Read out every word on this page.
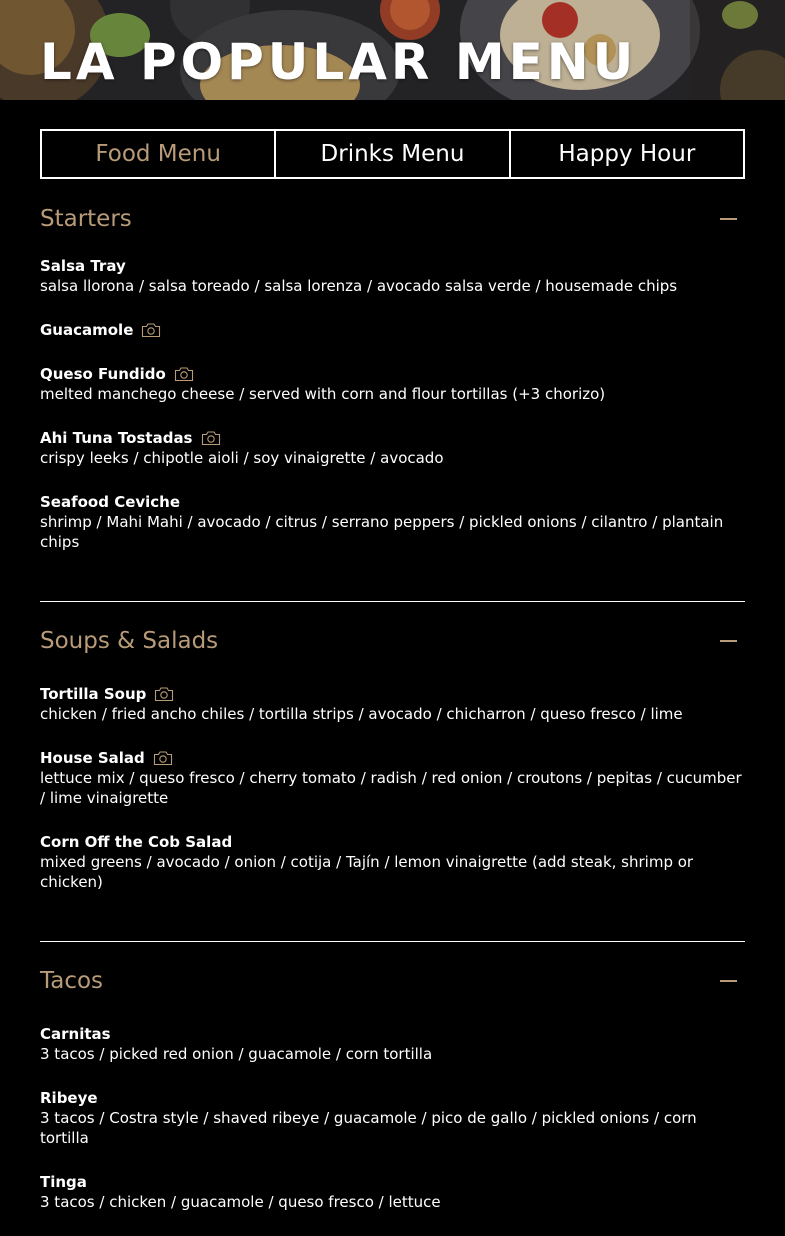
LA POPULAR MENU
Food Menu	Drinks Menu	Happy Hour
Starters
Salsa Tray
salsa llorona / salsa toreado / salsa lorenza / avocado salsa verde / housemade chips
Guacamole
Queso Fundido
melted manchego cheese / served with corn and flour tortillas (+3 chorizo)
Ahi Tuna Tostadas
crispy leeks / chipotle aioli / soy vinaigrette / avocado
Seafood Ceviche
shrimp / Mahi Mahi / avocado / citrus / serrano peppers / pickled onions / cilantro / plantain chips
Soups & Salads
Tortilla Soup
chicken / fried ancho chiles / tortilla strips / avocado / chicharron / queso fresco / lime
House Salad
lettuce mix / queso fresco / cherry tomato / radish / red onion / croutons / pepitas / cucumber / lime vinaigrette
Corn Off the Cob Salad
mixed greens / avocado / onion / cotija / Tajín / lemon vinaigrette (add steak, shrimp or chicken)
Tacos
Carnitas
3 tacos / picked red onion / guacamole / corn tortilla
Ribeye
3 tacos / Costra style / shaved ribeye / guacamole / pico de gallo / pickled onions / corn tortilla
Tinga
3 tacos / chicken / guacamole / queso fresco / lettuce
